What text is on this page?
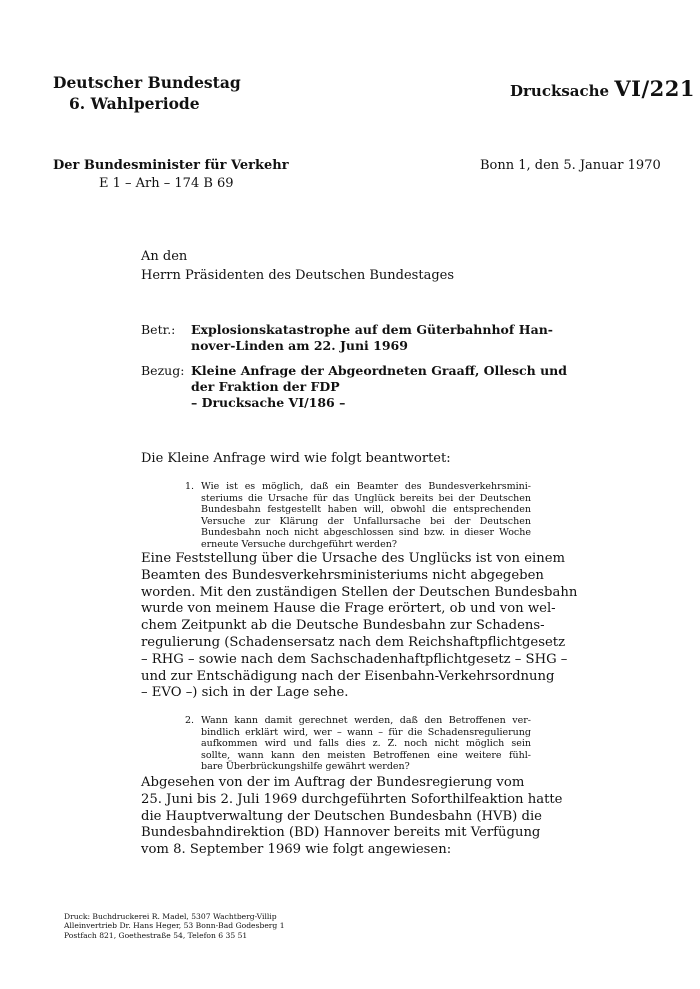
Deutscher Bundestag
6. Wahlperiode
Drucksache VI/221
Der Bundesminister für Verkehr
E 1 – Arh – 174 B 69
Bonn 1, den 5. Januar 1970
An den
Herrn Präsidenten des Deutschen Bundestages
Betr.: Explosionskatastrophe auf dem Güterbahnhof Han-
nover-Linden am 22. Juni 1969
Bezug: Kleine Anfrage der Abgeordneten Graaff, Ollesch und
der Fraktion der FDP
– Drucksache VI/186 –
Die Kleine Anfrage wird wie folgt beantwortet:
1. Wie ist es möglich, daß ein Beamter des Bundesverkehrsmini-
steriums die Ursache für das Unglück bereits bei der Deutschen
Bundesbahn festgestellt haben will, obwohl die entsprechenden
Versuche zur Klärung der Unfallursache bei der Deutschen
Bundesbahn noch nicht abgeschlossen sind bzw. in dieser Woche
erneute Versuche durchgeführt werden?
Eine Feststellung über die Ursache des Unglücks ist von einem
Beamten des Bundesverkehrsministeriums nicht abgegeben
worden. Mit den zuständigen Stellen der Deutschen Bundesbahn
wurde von meinem Hause die Frage erörtert, ob und von wel-
chem Zeitpunkt ab die Deutsche Bundesbahn zur Schadens-
regulierung (Schadensersatz nach dem Reichshaftpflichtgesetz
– RHG – sowie nach dem Sachschadenhaftpflichtgesetz – SHG –
und zur Entschädigung nach der Eisenbahn-Verkehrsordnung
– EVO –) sich in der Lage sehe.
2. Wann kann damit gerechnet werden, daß den Betroffenen ver-
bindlich erklärt wird, wer – wann – für die Schadensregulierung
aufkommen wird und falls dies z. Z. noch nicht möglich sein
sollte, wann kann den meisten Betroffenen eine weitere fühl-
bare Überbrückungshilfe gewährt werden?
Abgesehen von der im Auftrag der Bundesregierung vom
25. Juni bis 2. Juli 1969 durchgeführten Soforthilfeaktion hatte
die Hauptverwaltung der Deutschen Bundesbahn (HVB) die
Bundesbahndirektion (BD) Hannover bereits mit Verfügung
vom 8. September 1969 wie folgt angewiesen:
Druck: Buchdruckerei R. Madel, 5307 Wachtberg-Villip
Alleinvertrieb Dr. Hans Heger, 53 Bonn-Bad Godesberg 1
Postfach 821, Goethestraße 54, Telefon 6 35 51
